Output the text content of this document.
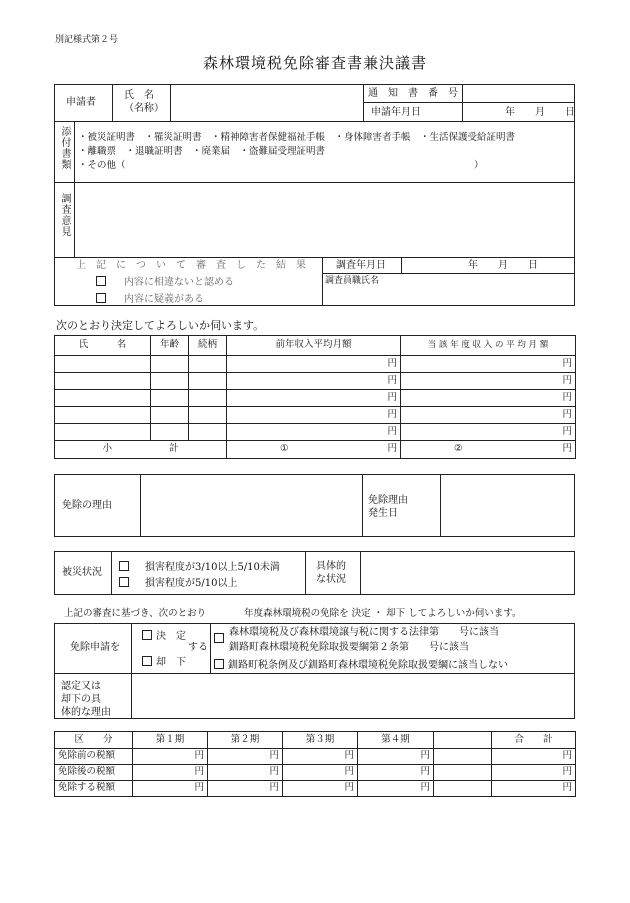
別記様式第２号
森林環境税免除審査書兼決議書
申請者
氏　名
（名称）
通　知　書　番　号
申請年月日	年　　月　　日
添付書類 ・被災証明書　・罹災証明書　・精神障害者保健福祉手帳　・身体障害者手帳　・生活保護受給証明書
・離職票　・退職証明書　・廃業届　・盗難届受理証明書
・その他（	）
調査意見
上　記　に　つ　い　て　審　査　し　た　結　果
内容に相違ないと認める
内容に疑義がある
調査年月日	年　　月　　日
調査員職氏名
次のとおり決定してよろしいか伺います。
氏　　　名	年齢	続柄	前年収入平均月額	当 該 年 度 収 入 の 平 均 月 額
			円	円
			円	円
			円	円
			円	円
			円	円
小　　　　　　計			① 円	② 円
免除の理由	免除理由
発生日
被災状況	損害程度が3/10以上5/10未満
損害程度が5/10以上
具体的
な状況
上記の審査に基づき、次のとおり　　　　年度森林環境税の免除を 決定 ・ 却下 してよろしいか伺います。
免除申請を
決　定
する
却　下
森林環境税及び森林環境譲与税に関する法律第　　号に該当
釧路町森林環境税免除取扱要綱第２条第　　号に該当
釧路町税条例及び釧路町森林環境税免除取扱要綱に該当しない
認定又は
却下の具
体的な理由
区　　分	第１期	第２期	第３期	第４期		合　　計
免除前の税額	円	円	円	円		円
免除後の税額	円	円	円	円		円
免除する税額	円	円	円	円		円
